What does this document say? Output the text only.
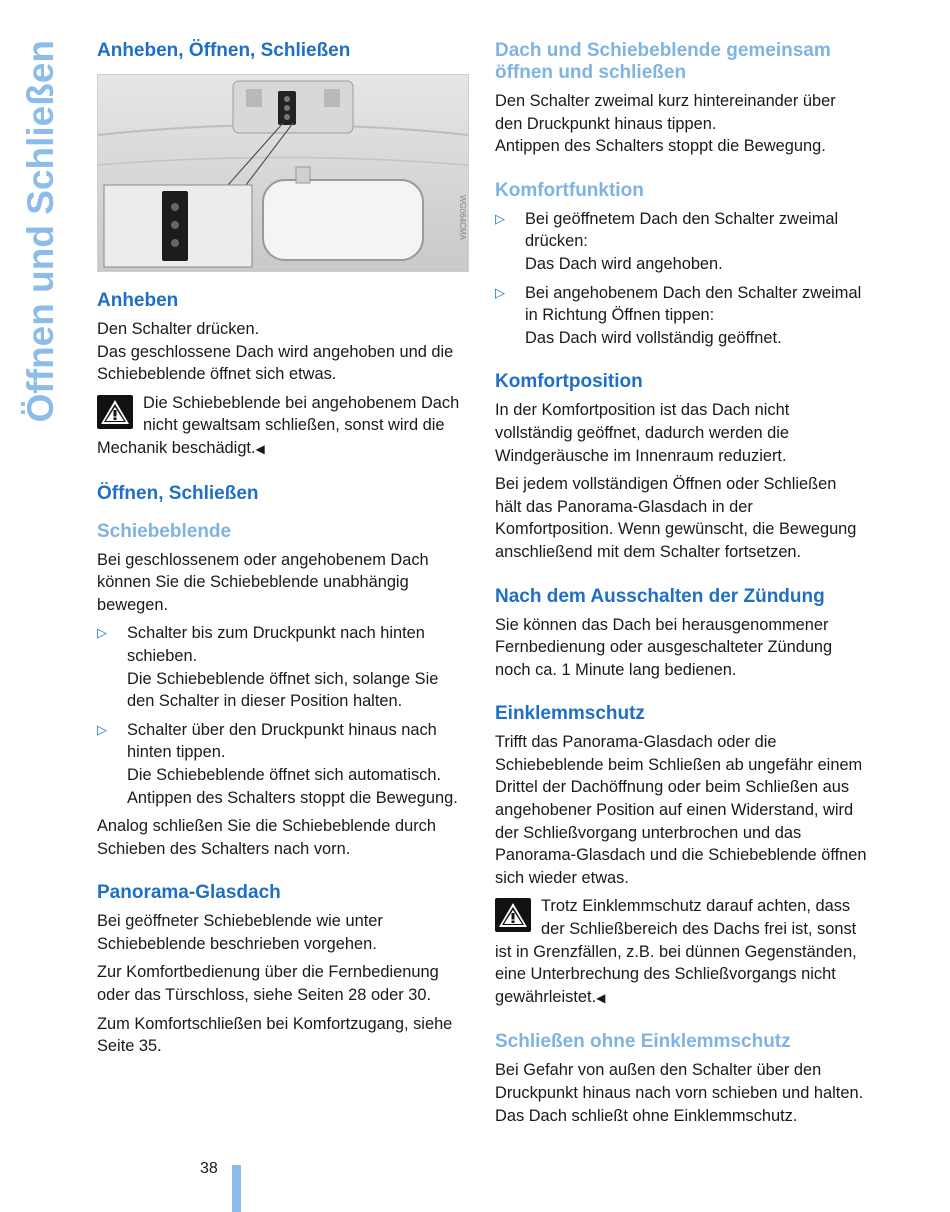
Öffnen und Schließen Anheben, Öffnen, Schließen
WG064CMA
Anheben
Den Schalter drücken.
Das geschlossene Dach wird angehoben und die Schiebeblende öffnet sich etwas.
Die Schiebeblende bei angehobenem Dach nicht gewaltsam schließen, sonst wird die Mechanik beschädigt.◀
Öffnen, Schließen
Schiebeblende
Bei geschlossenem oder angehobenem Dach können Sie die Schiebeblende unabhängig bewegen.
▷	Schalter bis zum Druckpunkt nach hinten schieben.
Die Schiebeblende öffnet sich, solange Sie den Schalter in dieser Position halten.
▷	Schalter über den Druckpunkt hinaus nach hinten tippen.
Die Schiebeblende öffnet sich automatisch.
Antippen des Schalters stoppt die Bewegung.
Analog schließen Sie die Schiebeblende durch Schieben des Schalters nach vorn.
Panorama-Glasdach
Bei geöffneter Schiebeblende wie unter Schiebeblende beschrieben vorgehen.
Zur Komfortbedienung über die Fernbedienung oder das Türschloss, siehe Seiten 28 oder 30.
Zum Komfortschließen bei Komfortzugang, siehe Seite 35.
Dach und Schiebeblende gemeinsam öffnen und schließen
Den Schalter zweimal kurz hintereinander über den Druckpunkt hinaus tippen.
Antippen des Schalters stoppt die Bewegung.
Komfortfunktion
▷	Bei geöffnetem Dach den Schalter zweimal drücken:
Das Dach wird angehoben.
▷	Bei angehobenem Dach den Schalter zweimal in Richtung Öffnen tippen:
Das Dach wird vollständig geöffnet.
Komfortposition
In der Komfortposition ist das Dach nicht vollständig geöffnet, dadurch werden die Windgeräusche im Innenraum reduziert.
Bei jedem vollständigen Öffnen oder Schließen hält das Panorama-Glasdach in der Komfortposition. Wenn gewünscht, die Bewegung anschließend mit dem Schalter fortsetzen.
Nach dem Ausschalten der Zündung
Sie können das Dach bei herausgenommener Fernbedienung oder ausgeschalteter Zündung noch ca. 1 Minute lang bedienen.
Einklemmschutz
Trifft das Panorama-Glasdach oder die Schiebeblende beim Schließen ab ungefähr einem Drittel der Dachöffnung oder beim Schließen aus angehobener Position auf einen Widerstand, wird der Schließvorgang unterbrochen und das Panorama-Glasdach und die Schiebeblende öffnen sich wieder etwas.
Trotz Einklemmschutz darauf achten, dass der Schließbereich des Dachs frei ist, sonst ist in Grenzfällen, z.B. bei dünnen Gegenständen, eine Unterbrechung des Schließvorgangs nicht gewährleistet.◀
Schließen ohne Einklemmschutz
Bei Gefahr von außen den Schalter über den Druckpunkt hinaus nach vorn schieben und halten. Das Dach schließt ohne Einklemmschutz.
38
